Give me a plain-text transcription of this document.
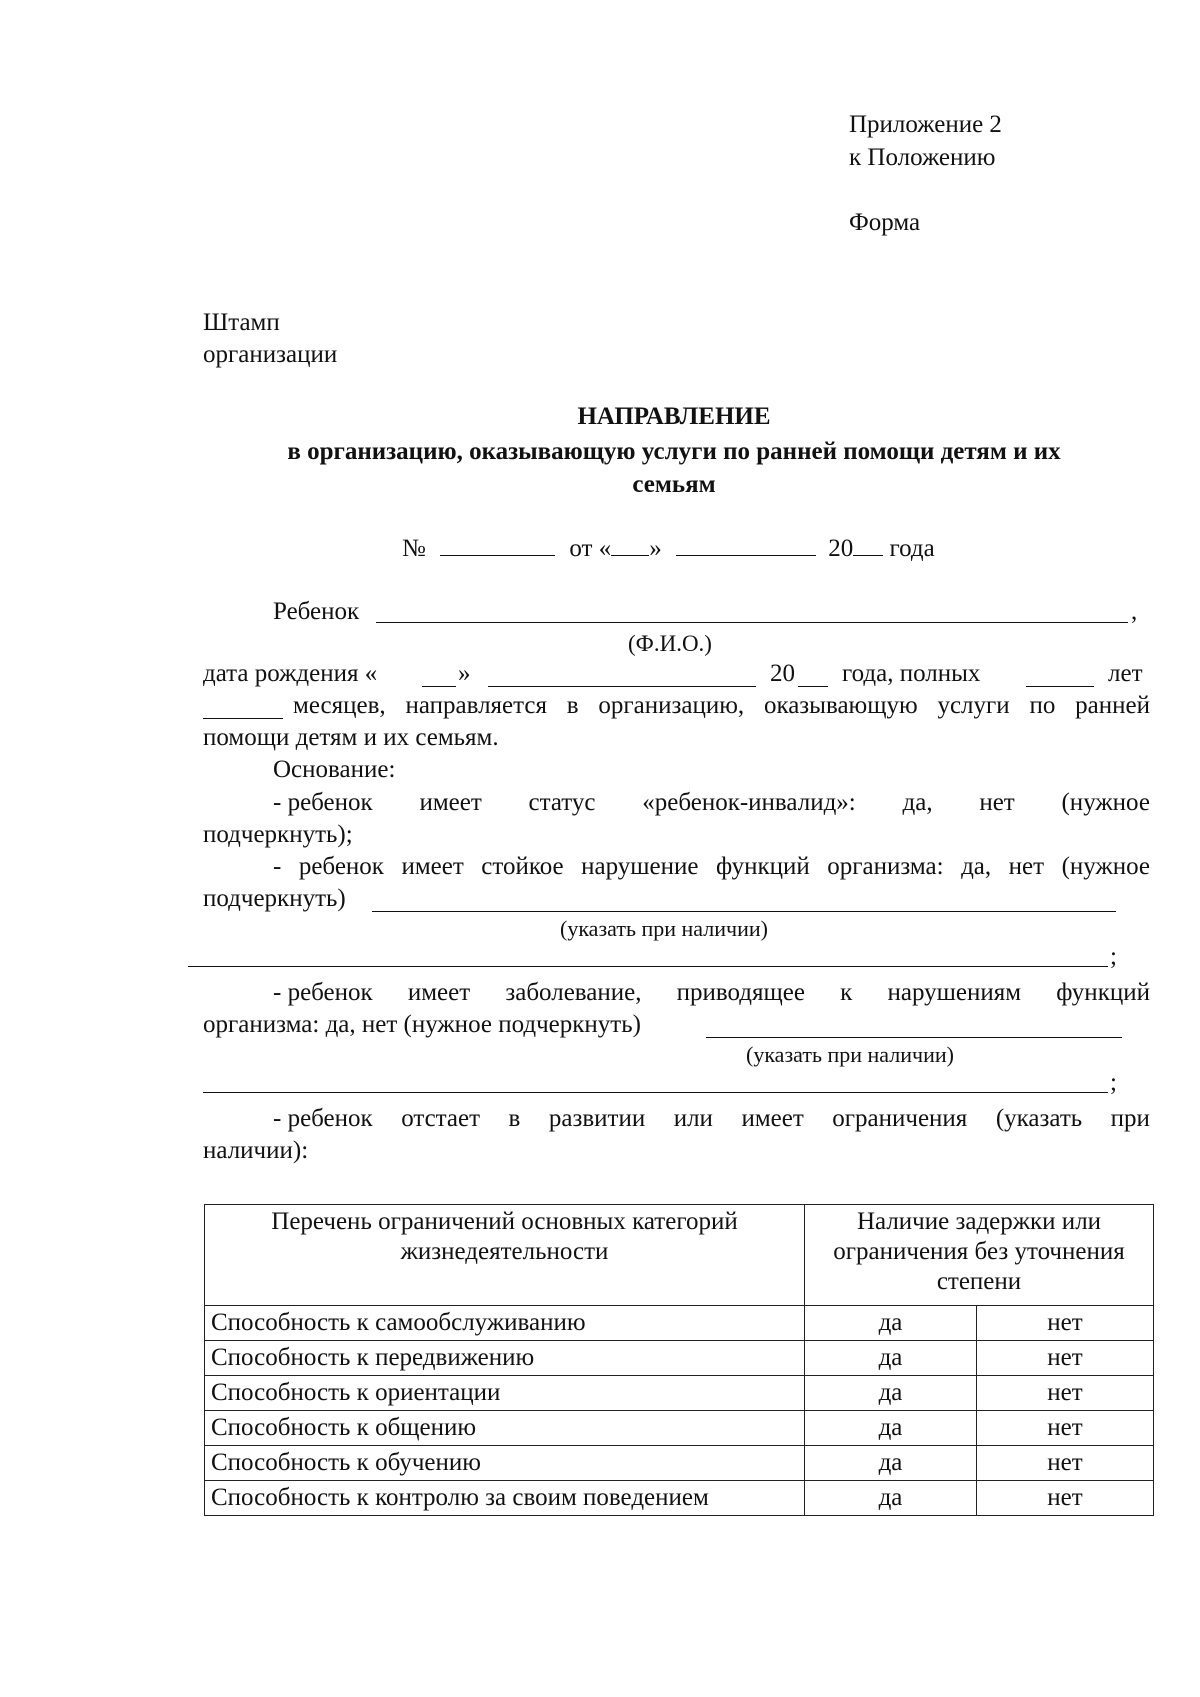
Приложение 2
к Положению
Форма
Штамп
организации
НАПРАВЛЕНИЕ
в организацию, оказывающую услуги по ранней помощи детям и их
семьям
№	от « »	20 года
Ребенок	,
(Ф.И.О.)
дата рождения «	»	20 года, полных	лет
месяцев, направляется в организацию, оказывающую услуги по ранней
помощи детям и их семьям.
Основание:
- ребенок имеет статус «ребенок-инвалид»: да, нет (нужное
подчеркнуть);
- ребенок имеет стойкое нарушение функций организма: да, нет (нужное
подчеркнуть)
(указать при наличии)
;
- ребенок имеет заболевание, приводящее к нарушениям функций
организма: да, нет (нужное подчеркнуть)
(указать при наличии)
;
- ребенок отстает в развитии или имеет ограничения (указать при
наличии):
Перечень ограничений основных категорий жизнедеятельности	Наличие задержки или ограничения без уточнения степени	
Способность к самообслуживанию	да	нет
Способность к передвижению	да	нет
Способность к ориентации	да	нет
Способность к общению	да	нет
Способность к обучению	да	нет
Способность к контролю за своим поведением	да	нет
